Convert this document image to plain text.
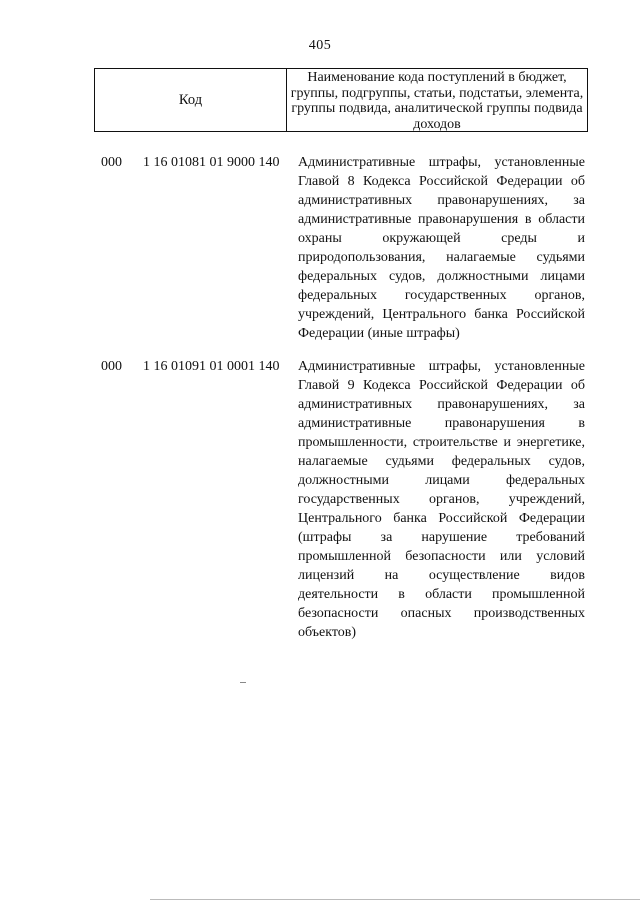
405
Код
Наименование кода поступлений в бюджет, группы, подгруппы, статьи, подстатьи, элемента, группы подвида, аналитической группы подвида доходов
000 1 16 01081 01 9000 140 Административные штрафы, установленные Главой 8 Кодекса Российской Федерации об административных правонарушениях, за административные правонарушения в области охраны окружающей среды и природопользования, налагаемые судьями федеральных судов, должностными лицами федеральных государственных органов, учреждений, Центрального банка Российской Федерации (иные штрафы)
000 1 16 01091 01 0001 140 Административные штрафы, установленные Главой 9 Кодекса Российской Федерации об административных правонарушениях, за административные правонарушения в промышленности, строительстве и энергетике, налагаемые судьями федеральных судов, должностными лицами федеральных государственных органов, учреждений, Центрального банка Российской Федерации (штрафы за нарушение требований промышленной безопасности или условий лицензий на осуществление видов деятельности в области промышленной безопасности опасных производственных объектов)
